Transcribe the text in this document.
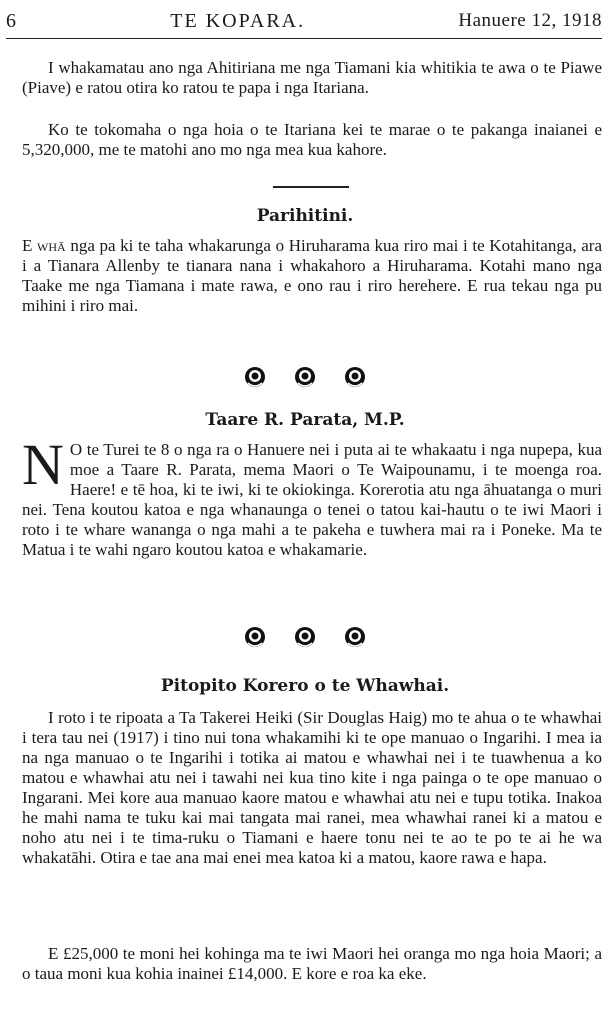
6	TE KOPARA.	Hanuere 12, 1918

I whakamatau ano nga Ahitiriana me nga Tiamani kia whitikia te awa o te Piawe (Piave) e ratou otira ko ratou te papa i nga Itariana.

Ko te tokomaha o nga hoia o te Itariana kei te marae o te pakanga inaianei e 5,320,000, me te matohi ano mo nga mea kua kahore.

Parihitini.

E whā nga pa ki te taha whakarunga o Hiruharama kua riro mai i te Kotahitanga, ara i a Tianara Allenby te tianara nana i whakahoro a Hiruharama. Kotahi mano nga Taake me nga Tiamana i mate rawa, e ono rau i riro herehere. E rua tekau nga pu mihini i riro mai.

Taare R. Parata, M.P.

N O te Turei te 8 o nga ra o Hanuere nei i puta ai te whakaatu i nga nupepa, kua moe a Taare R. Parata, mema Maori o Te Waipounamu, i te moenga roa. Haere! e tē hoa, ki te iwi, ki te okiokinga. Korerotia atu nga āhuatanga o muri nei. Tena koutou katoa e nga whanaunga o tenei o tatou kai-hautu o te iwi Maori i roto i te whare wananga o nga mahi a te pakeha e tuwhera mai ra i Poneke. Ma te Matua i te wahi ngaro koutou katoa e whakamarie.

Pitopito Korero o te Whawhai.

I roto i te ripoata a Ta Takerei Heiki (Sir Douglas Haig) mo te ahua o te whawhai i tera tau nei (1917) i tino nui tona whakamihi ki te ope manuao o Ingarihi. I mea ia na nga manuao o te Ingarihi i totika ai matou e whawhai nei i te tuawhenua a ko matou e whawhai atu nei i tawahi nei kua tino kite i nga painga o te ope manuao o Ingarani. Mei kore aua manuao kaore matou e whawhai atu nei e tupu totika. Inakoa he mahi nama te tuku kai mai tangata mai ranei, mea whawhai ranei ki a matou e noho atu nei i te tima-ruku o Tiamani e haere tonu nei te ao te po te ai he wa whakatāhi. Otira e tae ana mai enei mea katoa ki a matou, kaore rawa e hapa.

E £25,000 te moni hei kohinga ma te iwi Maori hei oranga mo nga hoia Maori; a o taua moni kua kohia inainei £14,000. E kore e roa ka eke.
